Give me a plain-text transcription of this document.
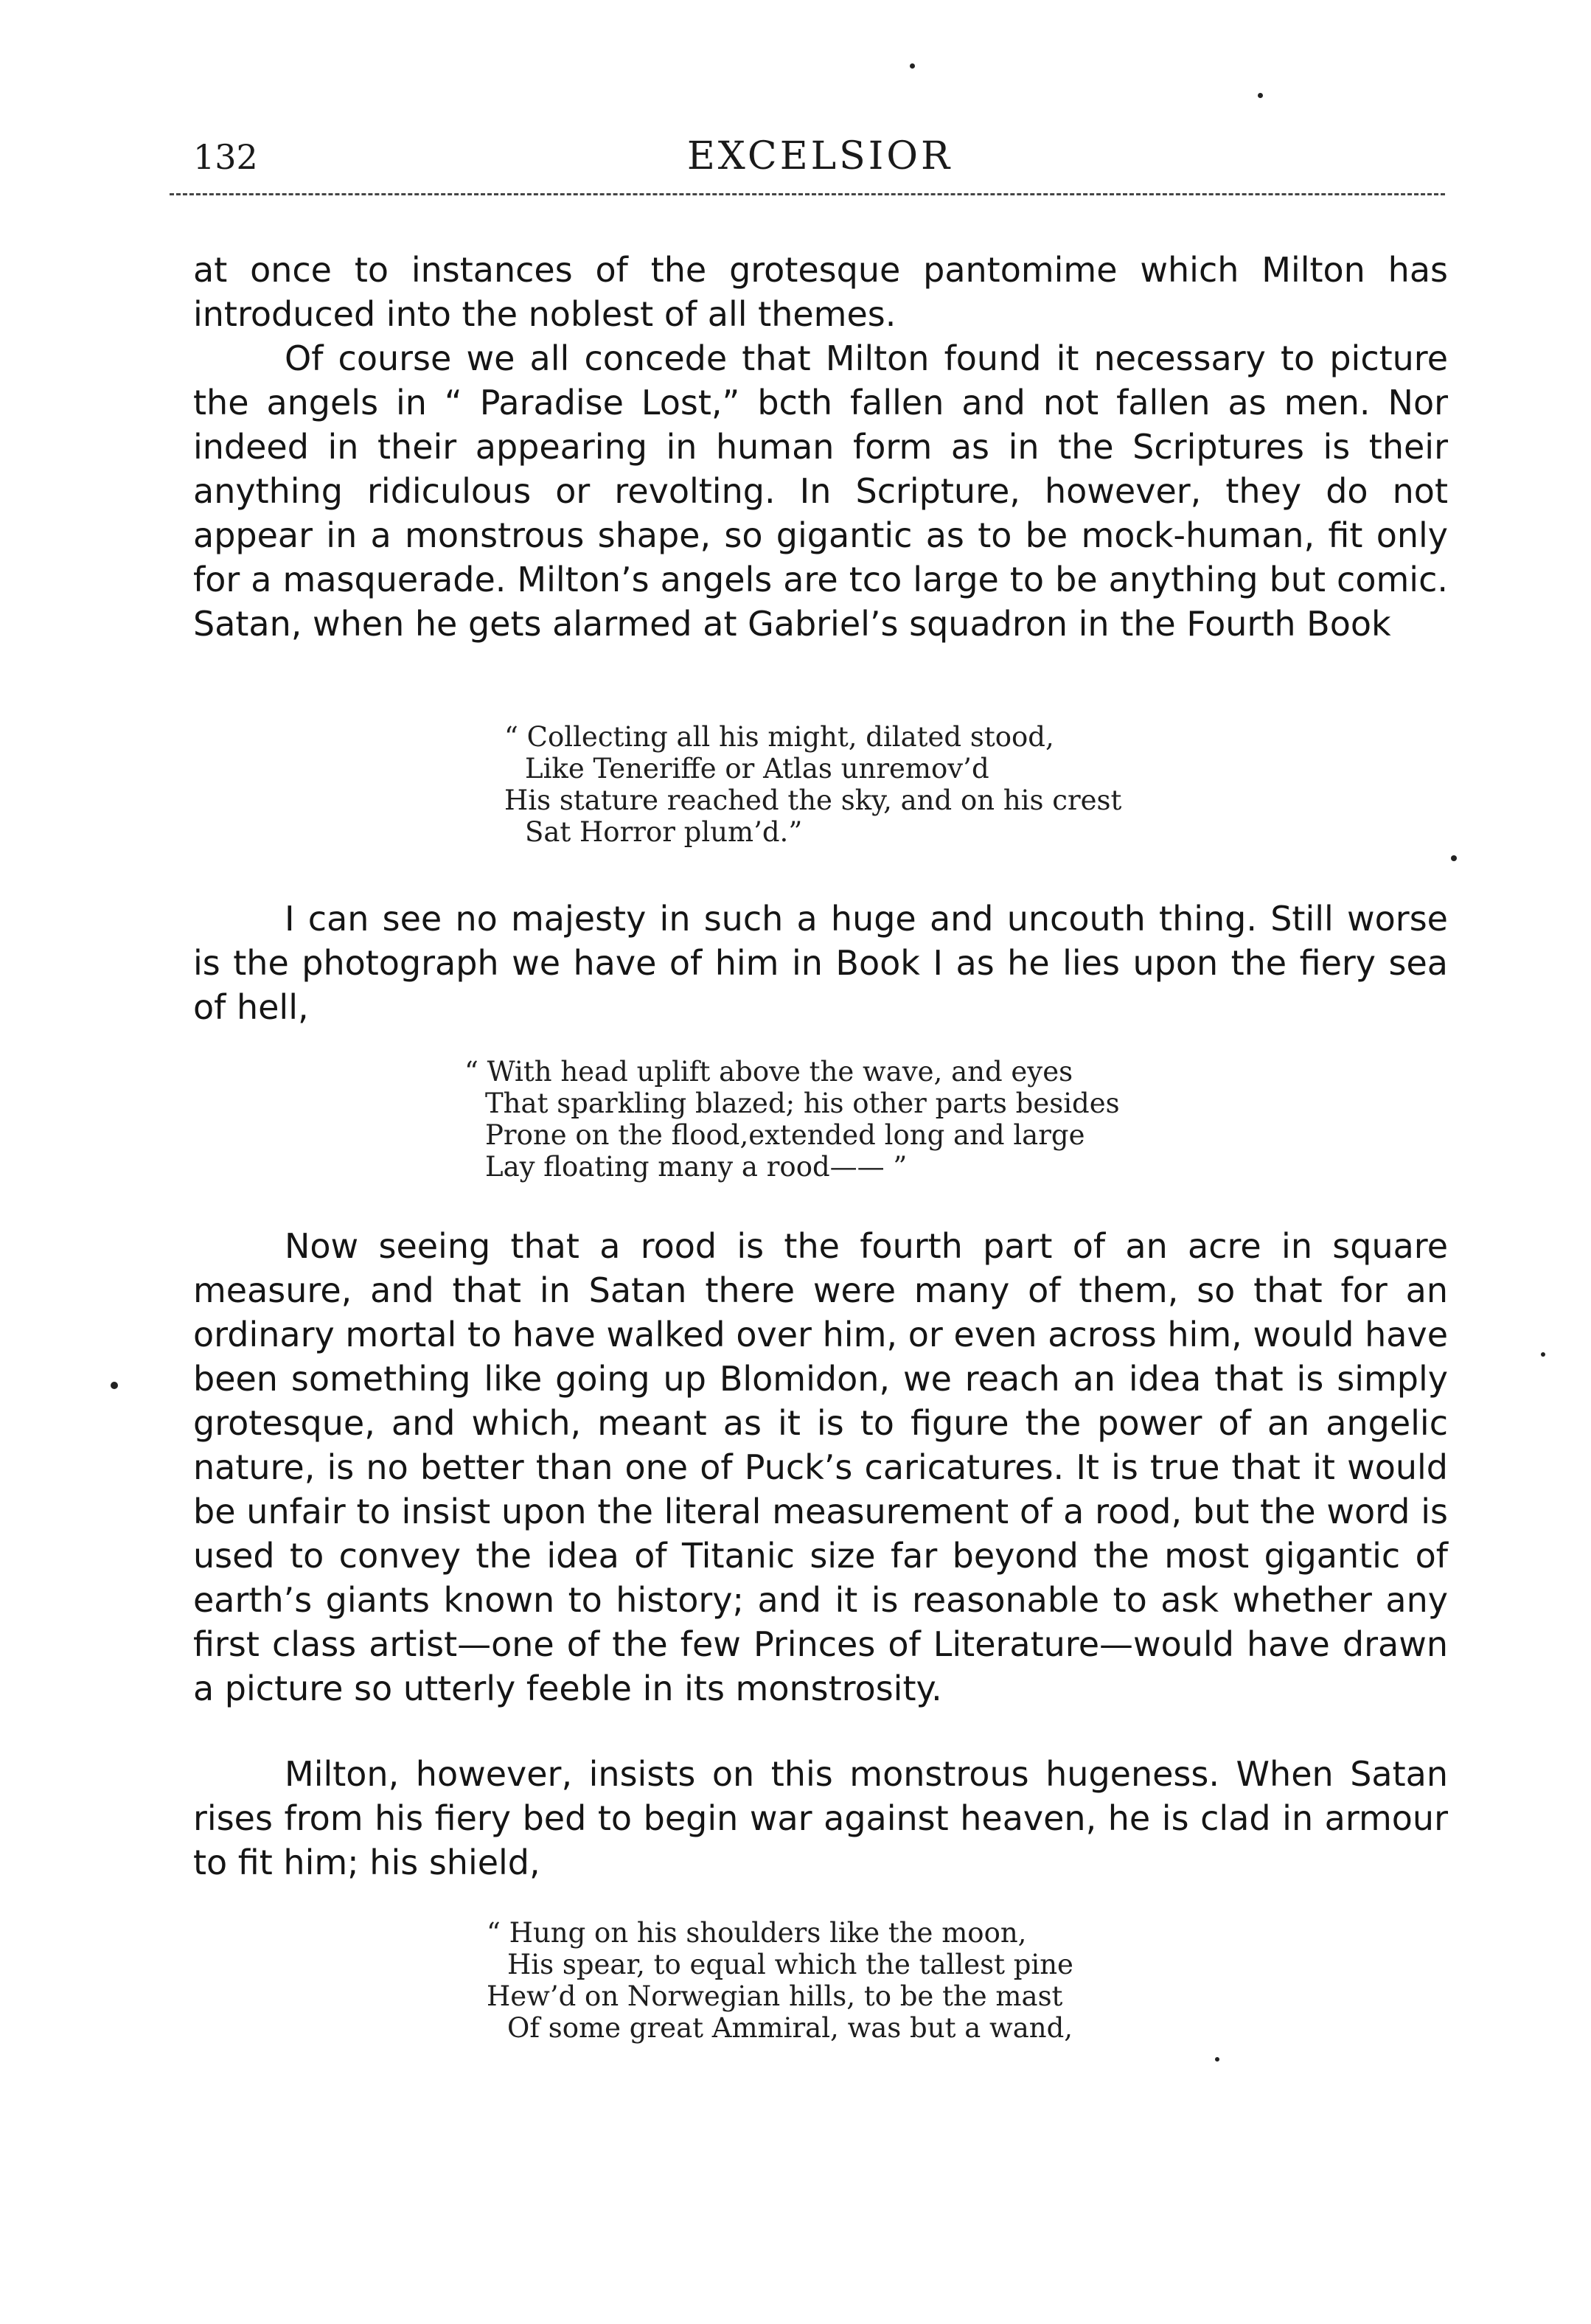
132	EXCELSIOR

at once to instances of the grotesque pantomime which Milton has introduced into the noblest of all themes.

Of course we all concede that Milton found it necessary to picture the angels in “ Paradise Lost,” bcth fallen and not fallen as men. Nor indeed in their appearing in human form as in the Scriptures is their anything ridiculous or revolting. In Scripture, however, they do not appear in a monstrous shape, so gigantic as to be mock-human, fit only for a masquerade. Milton’s angels are tco large to be anything but comic. Satan, when he gets alarmed at Gabriel’s squadron in the Fourth Book

“ Collecting all his might, dilated stood,
Like Teneriffe or Atlas unremov’d
His stature reached the sky, and on his crest
Sat Horror plum’d.”

I can see no majesty in such a huge and uncouth thing. Still worse is the photograph we have of him in Book I as he lies upon the fiery sea of hell,

“ With head uplift above the wave, and eyes
That sparkling blazed; his other parts besides
Prone on the flood,extended long and large
Lay floating many a rood—— ”

Now seeing that a rood is the fourth part of an acre in square measure, and that in Satan there were many of them, so that for an ordinary mortal to have walked over him, or even across him, would have been something like going up Blomidon, we reach an idea that is simply grotesque, and which, meant as it is to figure the power of an angelic nature, is no better than one of Puck’s caricatures. It is true that it would be unfair to insist upon the literal measurement of a rood, but the word is used to convey the idea of Titanic size far beyond the most gigantic of earth’s giants known to history; and it is reasonable to ask whether any first class artist—one of the few Princes of Literature—would have drawn a picture so utterly feeble in its monstrosity.

Milton, however, insists on this monstrous hugeness. When Satan rises from his fiery bed to begin war against heaven, he is clad in armour to fit him; his shield,

“ Hung on his shoulders like the moon,
His spear, to equal which the tallest pine
Hew’d on Norwegian hills, to be the mast
Of some great Ammiral, was but a wand,
